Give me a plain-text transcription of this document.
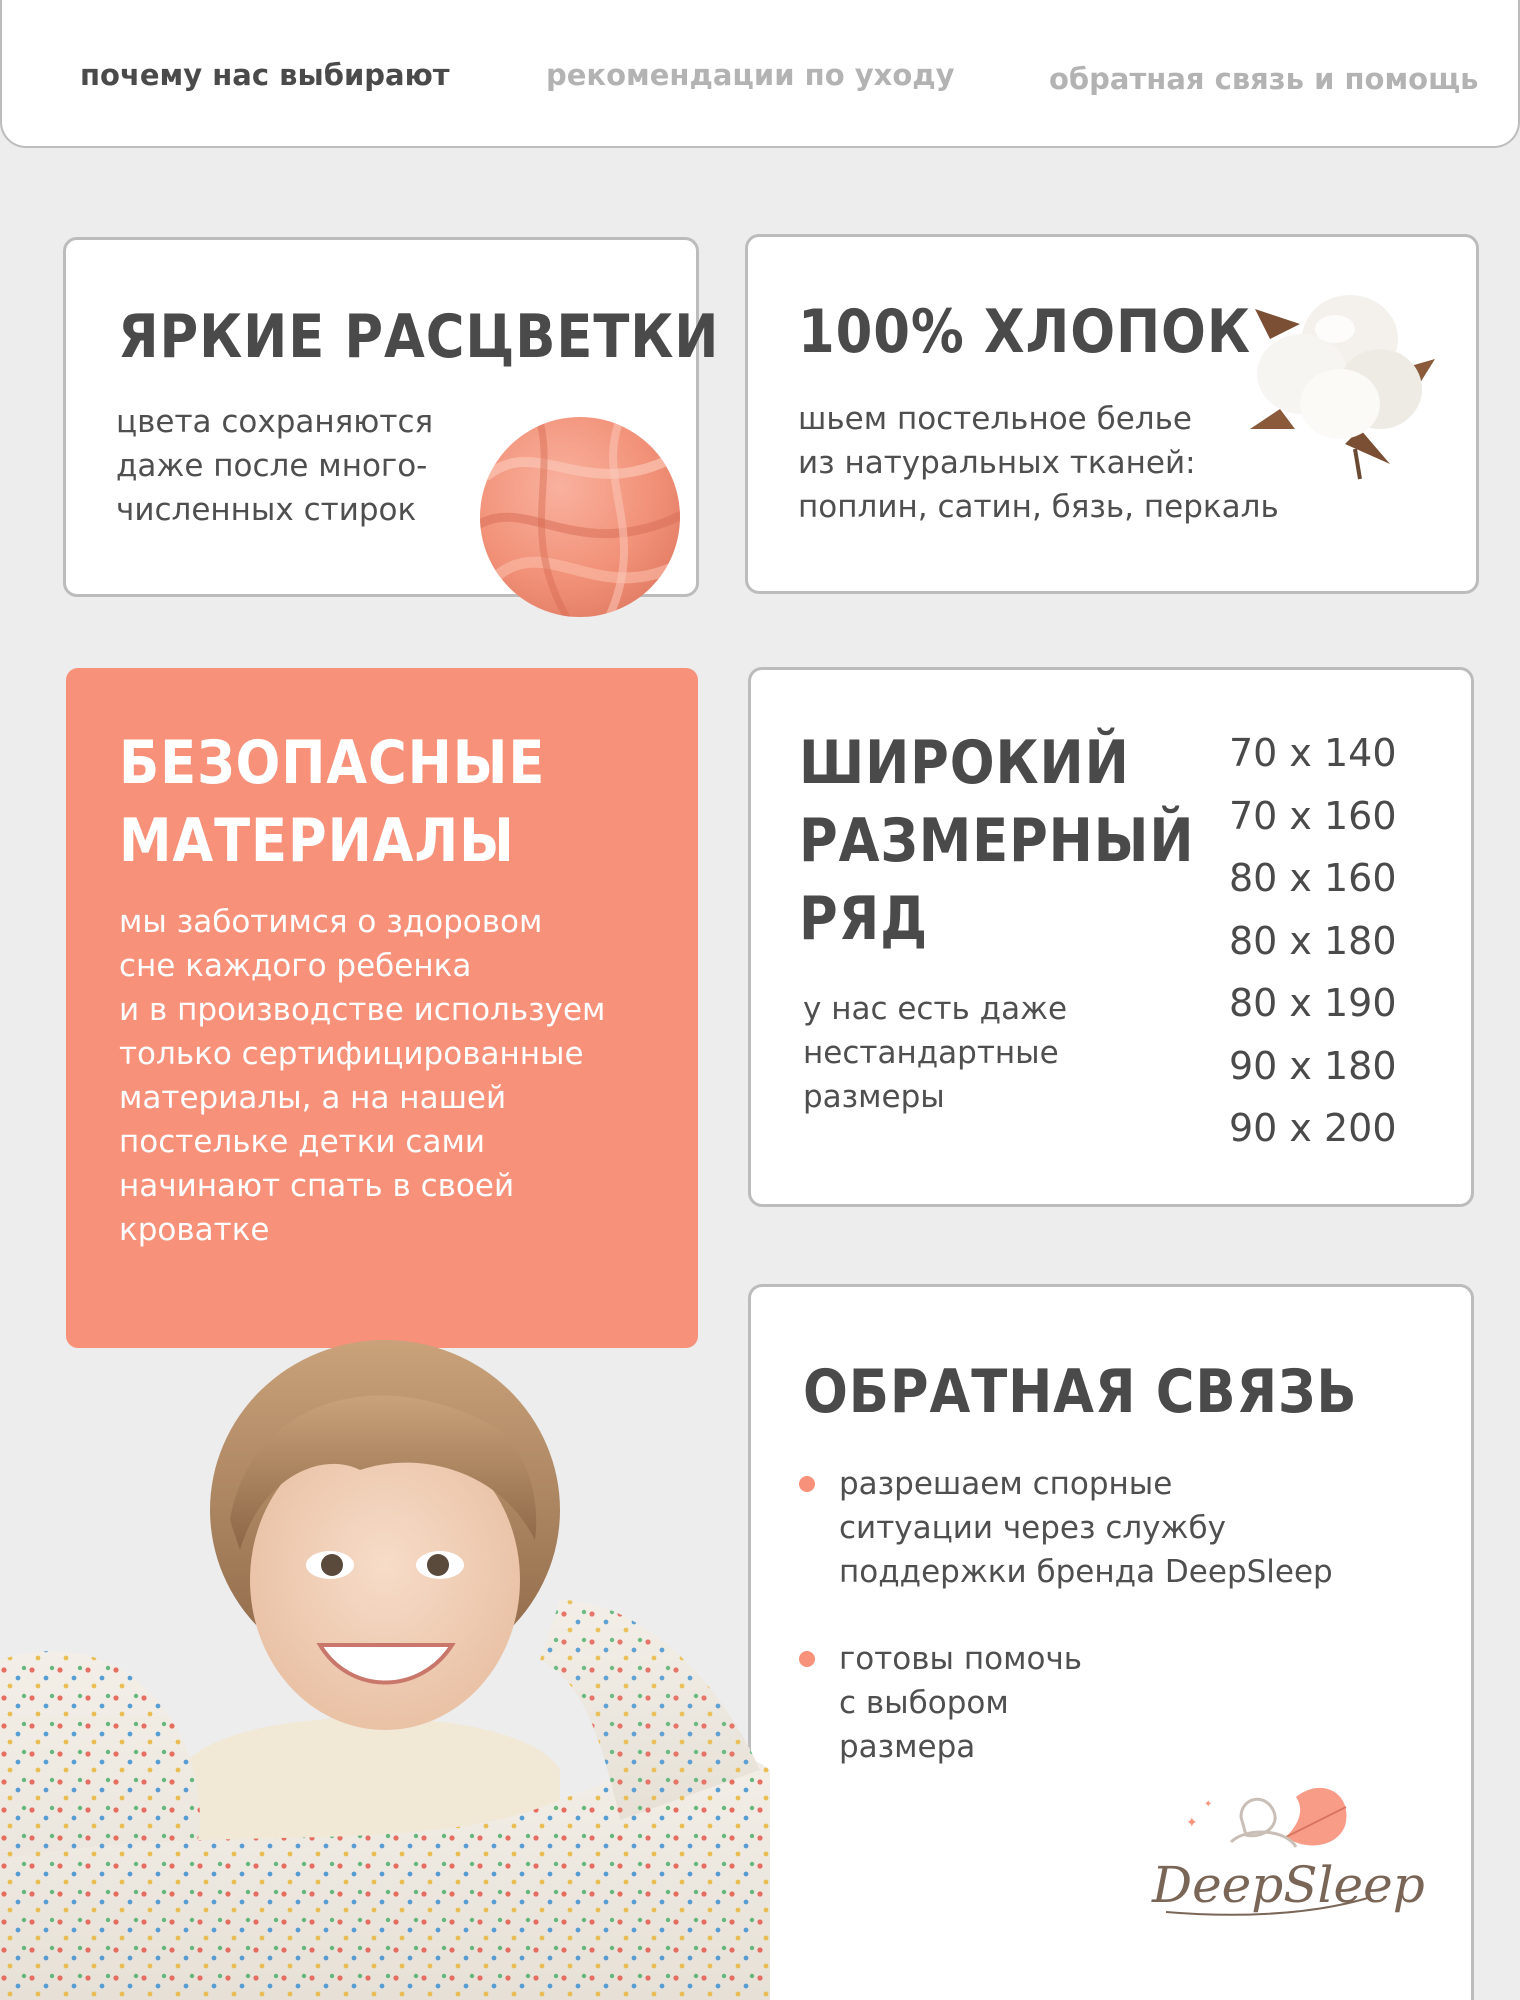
почему нас выбирают	рекомендации по уходу	обратная связь и помощь
ЯРКИЕ РАСЦВЕТКИ
цвета сохраняются
даже после много-
численных стирок
100% ХЛОПОК
шьем постельное белье
из натуральных тканей:
поплин, сатин, бязь, перкаль
БЕЗОПАСНЫЕ
МАТЕРИАЛЫ
мы заботимся о здоровом
сне каждого ребенка
и в производстве используем
только сертифицированные
материалы, а на нашей
постельке детки сами
начинают спать в своей
кроватке
ШИРОКИЙ
РАЗМЕРНЫЙ
РЯД
у нас есть даже
нестандартные
размеры
70 x 140
70 x 160
80 x 160
80 x 180
80 x 190
90 x 180
90 x 200
ОБРАТНАЯ СВЯЗЬ
разрешаем спорные
ситуации через службу
поддержки бренда DeepSleep
готовы помочь
с выбором
размера
✦
✦
DeepSleep
